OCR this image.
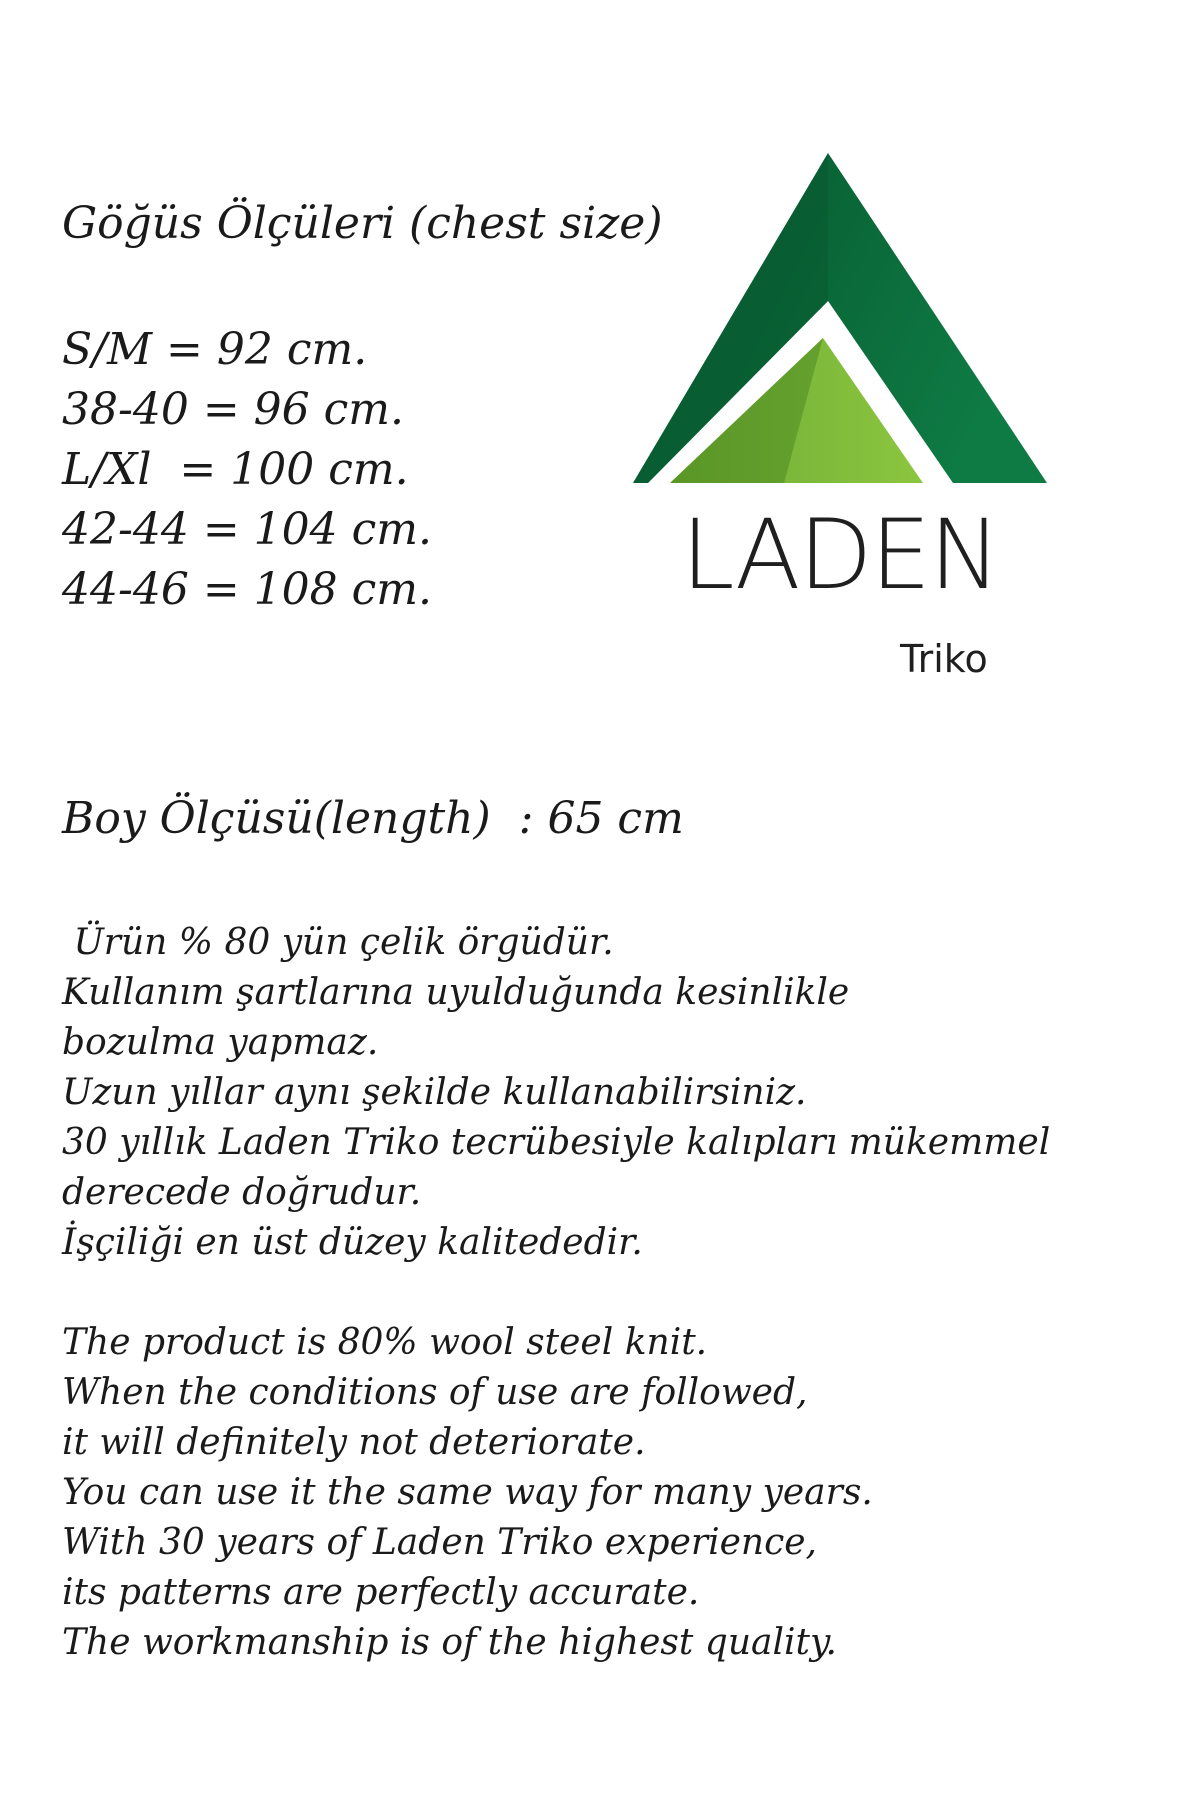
Göğüs Ölçüleri (chest size)
S/M = 92 cm.
38-40 = 96 cm.
L/Xl  = 100 cm.
42-44 = 104 cm.
44-46 = 108 cm.
Boy Ölçüsü(length)  : 65 cm
Ürün % 80 yün çelik örgüdür.
Kullanım şartlarına uyulduğunda kesinlikle
bozulma yapmaz.
Uzun yıllar aynı şekilde kullanabilirsiniz.
30 yıllık Laden Triko tecrübesiyle kalıpları mükemmel
derecede doğrudur.
İşçiliği en üst düzey kalitededir.
The product is 80% wool steel knit.
When the conditions of use are followed,
it will definitely not deteriorate.
You can use it the same way for many years.
With 30 years of Laden Triko experience,
its patterns are perfectly accurate.
The workmanship is of the highest quality.
LADEN
Triko
